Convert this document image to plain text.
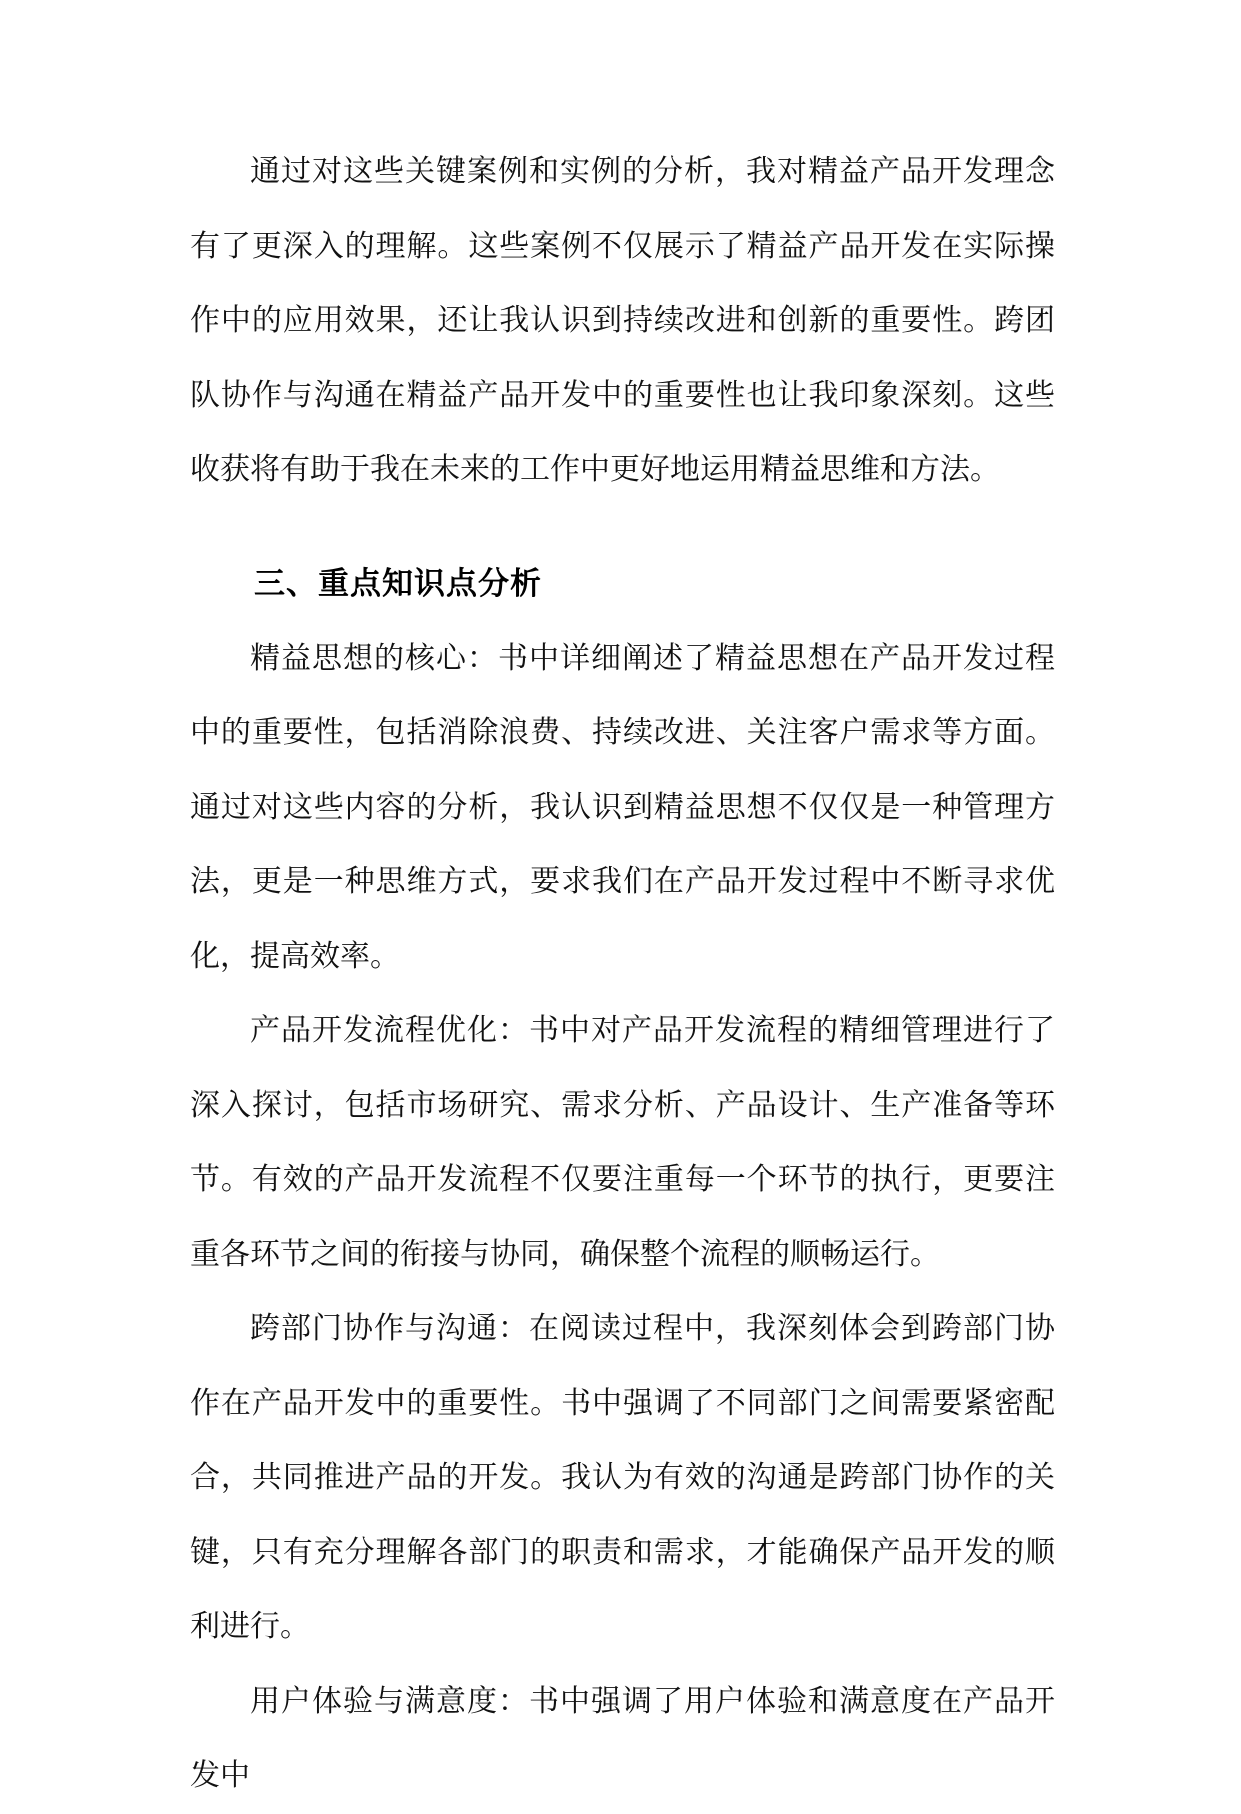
通过对这些关键案例和实例的分析，我对精益产品开发理念有了更深入的理解。这些案例不仅展示了精益产品开发在实际操作中的应用效果，还让我认识到持续改进和创新的重要性。跨团队协作与沟通在精益产品开发中的重要性也让我印象深刻。这些收获将有助于我在未来的工作中更好地运用精益思维和方法。

三、重点知识点分析

精益思想的核心：书中详细阐述了精益思想在产品开发过程中的重要性，包括消除浪费、持续改进、关注客户需求等方面。通过对这些内容的分析，我认识到精益思想不仅仅是一种管理方法，更是一种思维方式，要求我们在产品开发过程中不断寻求优化，提高效率。

产品开发流程优化：书中对产品开发流程的精细管理进行了深入探讨，包括市场研究、需求分析、产品设计、生产准备等环节。有效的产品开发流程不仅要注重每一个环节的执行，更要注重各环节之间的衔接与协同，确保整个流程的顺畅运行。

跨部门协作与沟通：在阅读过程中，我深刻体会到跨部门协作在产品开发中的重要性。书中强调了不同部门之间需要紧密配合，共同推进产品的开发。我认为有效的沟通是跨部门协作的关键，只有充分理解各部门的职责和需求，才能确保产品开发的顺利进行。

用户体验与满意度：书中强调了用户体验和满意度在产品开发中
